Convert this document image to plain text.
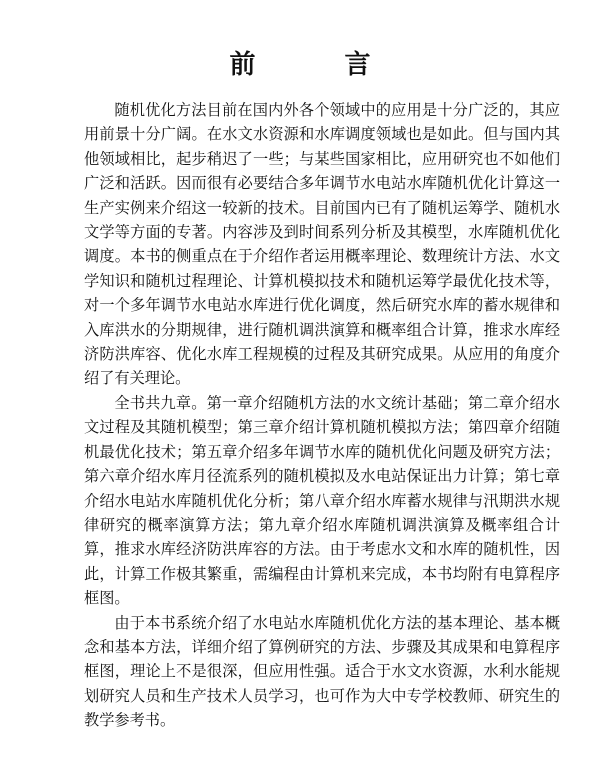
前 言

随机优化方法目前在国内外各个领域中的应用是十分广泛的，其应用前景十分广阔。在水文水资源和水库调度领域也是如此。但与国内其他领域相比，起步稍迟了一些；与某些国家相比，应用研究也不如他们广泛和活跃。因而很有必要结合多年调节水电站水库随机优化计算这一生产实例来介绍这一较新的技术。目前国内已有了随机运筹学、随机水文学等方面的专著。内容涉及到时间系列分析及其模型，水库随机优化调度。本书的侧重点在于介绍作者运用概率理论、数理统计方法、水文学知识和随机过程理论、计算机模拟技术和随机运筹学最优化技术等，对一个多年调节水电站水库进行优化调度，然后研究水库的蓄水规律和入库洪水的分期规律，进行随机调洪演算和概率组合计算，推求水库经济防洪库容、优化水库工程规模的过程及其研究成果。从应用的角度介绍了有关理论。

全书共九章。第一章介绍随机方法的水文统计基础；第二章介绍水文过程及其随机模型；第三章介绍计算机随机模拟方法；第四章介绍随机最优化技术；第五章介绍多年调节水库的随机优化问题及研究方法；第六章介绍水库月径流系列的随机模拟及水电站保证出力计算；第七章介绍水电站水库随机优化分析；第八章介绍水库蓄水规律与汛期洪水规律研究的概率演算方法；第九章介绍水库随机调洪演算及概率组合计算，推求水库经济防洪库容的方法。由于考虑水文和水库的随机性，因此，计算工作极其繁重，需编程由计算机来完成，本书均附有电算程序框图。

由于本书系统介绍了水电站水库随机优化方法的基本理论、基本概念和基本方法，详细介绍了算例研究的方法、步骤及其成果和电算程序框图，理论上不是很深，但应用性强。适合于水文水资源，水利水能规划研究人员和生产技术人员学习，也可作为大中专学校教师、研究生的教学参考书。
